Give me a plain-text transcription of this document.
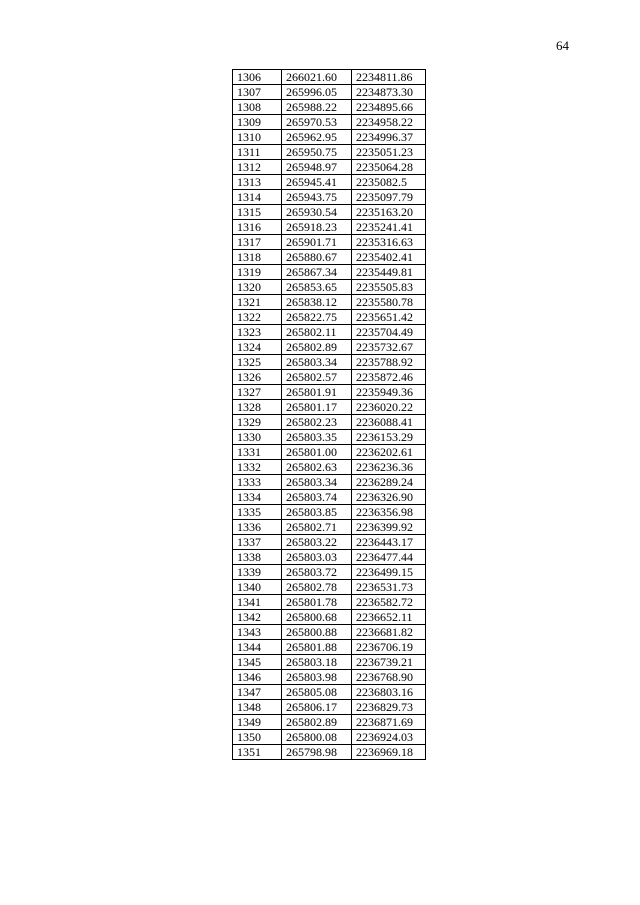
64
1306	266021.60	2234811.86
1307	265996.05	2234873.30
1308	265988.22	2234895.66
1309	265970.53	2234958.22
1310	265962.95	2234996.37
1311	265950.75	2235051.23
1312	265948.97	2235064.28
1313	265945.41	2235082.5
1314	265943.75	2235097.79
1315	265930.54	2235163.20
1316	265918.23	2235241.41
1317	265901.71	2235316.63
1318	265880.67	2235402.41
1319	265867.34	2235449.81
1320	265853.65	2235505.83
1321	265838.12	2235580.78
1322	265822.75	2235651.42
1323	265802.11	2235704.49
1324	265802.89	2235732.67
1325	265803.34	2235788.92
1326	265802.57	2235872.46
1327	265801.91	2235949.36
1328	265801.17	2236020.22
1329	265802.23	2236088.41
1330	265803.35	2236153.29
1331	265801.00	2236202.61
1332	265802.63	2236236.36
1333	265803.34	2236289.24
1334	265803.74	2236326.90
1335	265803.85	2236356.98
1336	265802.71	2236399.92
1337	265803.22	2236443.17
1338	265803.03	2236477.44
1339	265803.72	2236499.15
1340	265802.78	2236531.73
1341	265801.78	2236582.72
1342	265800.68	2236652.11
1343	265800.88	2236681.82
1344	265801.88	2236706.19
1345	265803.18	2236739.21
1346	265803.98	2236768.90
1347	265805.08	2236803.16
1348	265806.17	2236829.73
1349	265802.89	2236871.69
1350	265800.08	2236924.03
1351	265798.98	2236969.18
